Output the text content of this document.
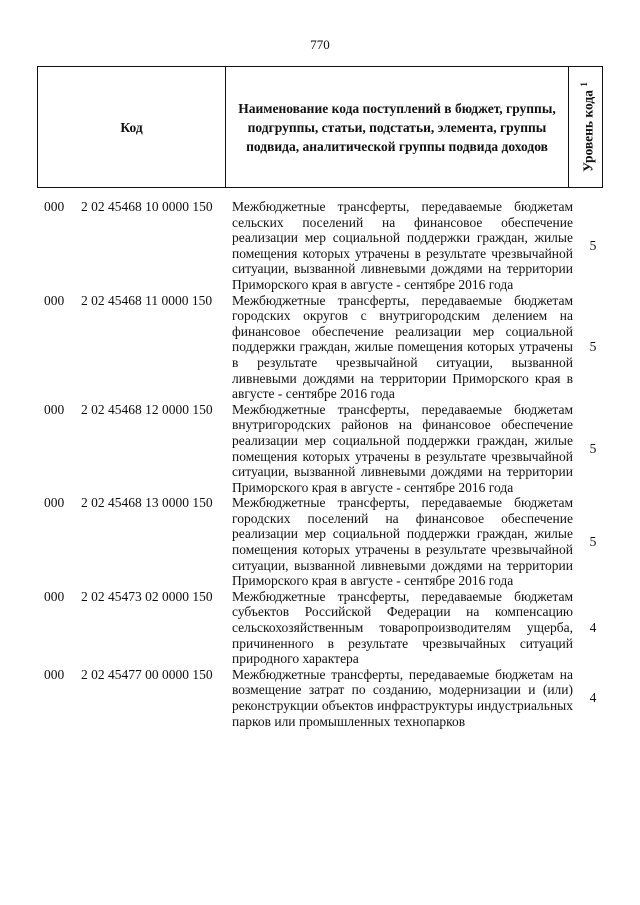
770
Код
Наименование кода поступлений в бюджет, группы, подгруппы, статьи, подстатьи, элемента, группы подвида, аналитической группы подвида доходов	Уровень кода $^1$
000 2 02 45468 10 0000 150 Межбюджетные трансферты, передаваемые бюджетам сельских поселений на финансовое обеспечение реализации мер социальной поддержки граждан, жилые помещения которых утрачены в результате чрезвычайной ситуации, вызванной ливневыми дождями на территории Приморского края в августе - сентябре 2016 года
5
000 2 02 45468 11 0000 150 Межбюджетные трансферты, передаваемые бюджетам городских округов с внутригородским делением на финансовое обеспечение реализации мер социальной поддержки граждан, жилые помещения которых утрачены в результате чрезвычайной ситуации, вызванной ливневыми дождями на территории Приморского края в августе - сентябре 2016 года
5
000 2 02 45468 12 0000 150 Межбюджетные трансферты, передаваемые бюджетам внутригородских районов на финансовое обеспечение реализации мер социальной поддержки граждан, жилые помещения которых утрачены в результате чрезвычайной ситуации, вызванной ливневыми дождями на территории Приморского края в августе - сентябре 2016 года
5
000 2 02 45468 13 0000 150 Межбюджетные трансферты, передаваемые бюджетам городских поселений на финансовое обеспечение реализации мер социальной поддержки граждан, жилые помещения которых утрачены в результате чрезвычайной ситуации, вызванной ливневыми дождями на территории Приморского края в августе - сентябре 2016 года
5
000 2 02 45473 02 0000 150 Межбюджетные трансферты, передаваемые бюджетам субъектов Российской Федерации на компенсацию сельскохозяйственным товаропроизводителям ущерба, причиненного в результате чрезвычайных ситуаций природного характера
4
000 2 02 45477 00 0000 150 Межбюджетные трансферты, передаваемые бюджетам на возмещение затрат по созданию, модернизации и (или) реконструкции объектов инфраструктуры индустриальных парков или промышленных технопарков
4
